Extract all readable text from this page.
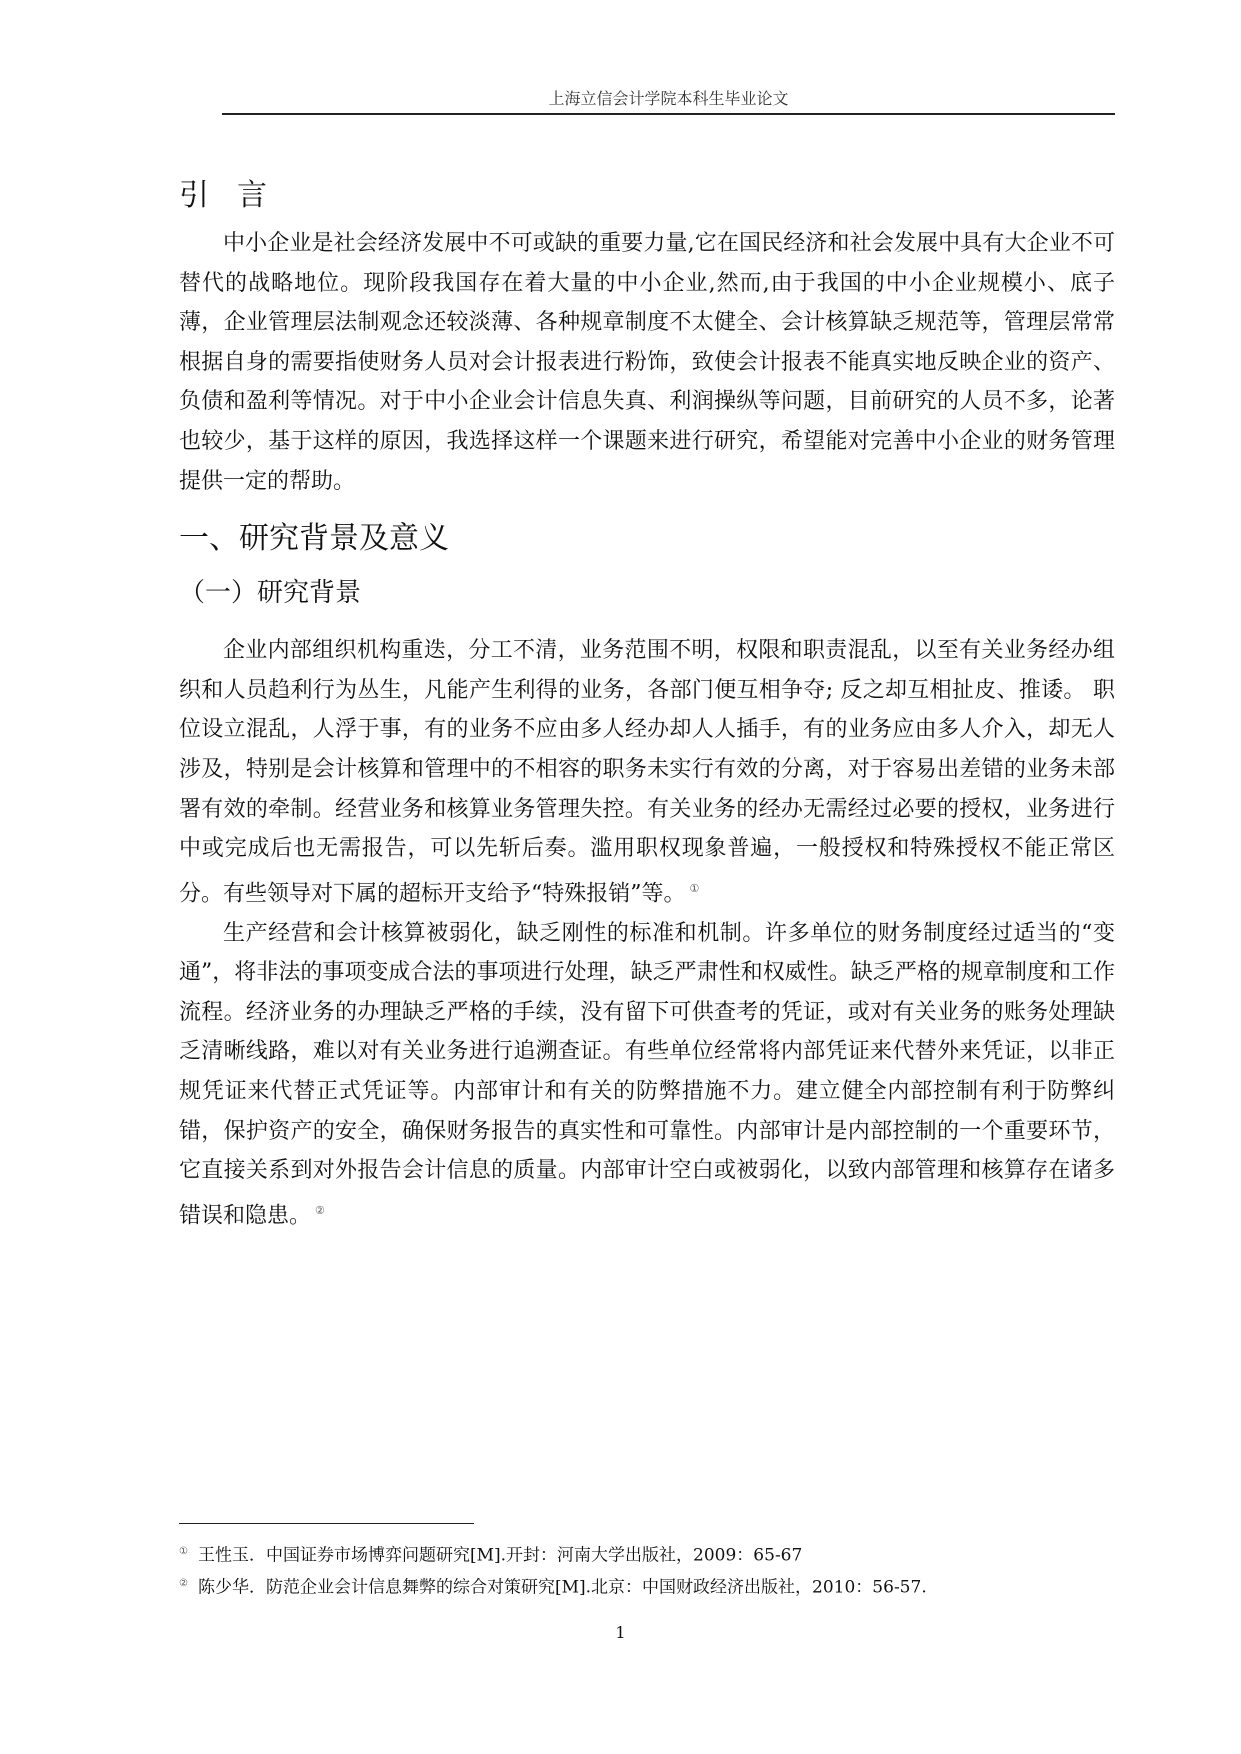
上海立信会计学院本科生毕业论文
引言

中小企业是社会经济发展中不可或缺的重要力量,它在国民经济和社会发展中具有大企业不可替代的战略地位。现阶段我国存在着大量的中小企业,然而,由于我国的中小企业规模小、底子薄，企业管理层法制观念还较淡薄、各种规章制度不太健全、会计核算缺乏规范等，管理层常常根据自身的需要指使财务人员对会计报表进行粉饰，致使会计报表不能真实地反映企业的资产、负债和盈利等情况。对于中小企业会计信息失真、利润操纵等问题，目前研究的人员不多，论著也较少，基于这样的原因，我选择这样一个课题来进行研究，希望能对完善中小企业的财务管理提供一定的帮助。

一、研究背景及意义
（一）研究背景

企业内部组织机构重迭，分工不清，业务范围不明，权限和职责混乱，以至有关业务经办组织和人员趋利行为丛生，凡能产生利得的业务，各部门便互相争夺; 反之却互相扯皮、推诿。 职位设立混乱，人浮于事，有的业务不应由多人经办却人人插手，有的业务应由多人介入，却无人涉及，特别是会计核算和管理中的不相容的职务未实行有效的分离，对于容易出差错的业务未部署有效的牵制。经营业务和核算业务管理失控。有关业务的经办无需经过必要的授权，业务进行中或完成后也无需报告，可以先斩后奏。滥用职权现象普遍，一般授权和特殊授权不能正常区分。有些领导对下属的超标开支给予“特殊报销”等。 ①

生产经营和会计核算被弱化，缺乏刚性的标准和机制。许多单位的财务制度经过适当的“变通”，将非法的事项变成合法的事项进行处理，缺乏严肃性和权威性。缺乏严格的规章制度和工作流程。经济业务的办理缺乏严格的手续，没有留下可供查考的凭证，或对有关业务的账务处理缺乏清晰线路，难以对有关业务进行追溯查证。有些单位经常将内部凭证来代替外来凭证，以非正规凭证来代替正式凭证等。内部审计和有关的防弊措施不力。建立健全内部控制有利于防弊纠错，保护资产的安全，确保财务报告的真实性和可靠性。内部审计是内部控制的一个重要环节，它直接关系到对外报告会计信息的质量。内部审计空白或被弱化，以致内部管理和核算存在诸多错误和隐患。 ②

① 王性玉．中国证券市场博弈问题研究[M].开封：河南大学出版社，2009：65-67
② 陈少华．防范企业会计信息舞弊的综合对策研究[M].北京：中国财政经济出版社，2010：56-57.
1
